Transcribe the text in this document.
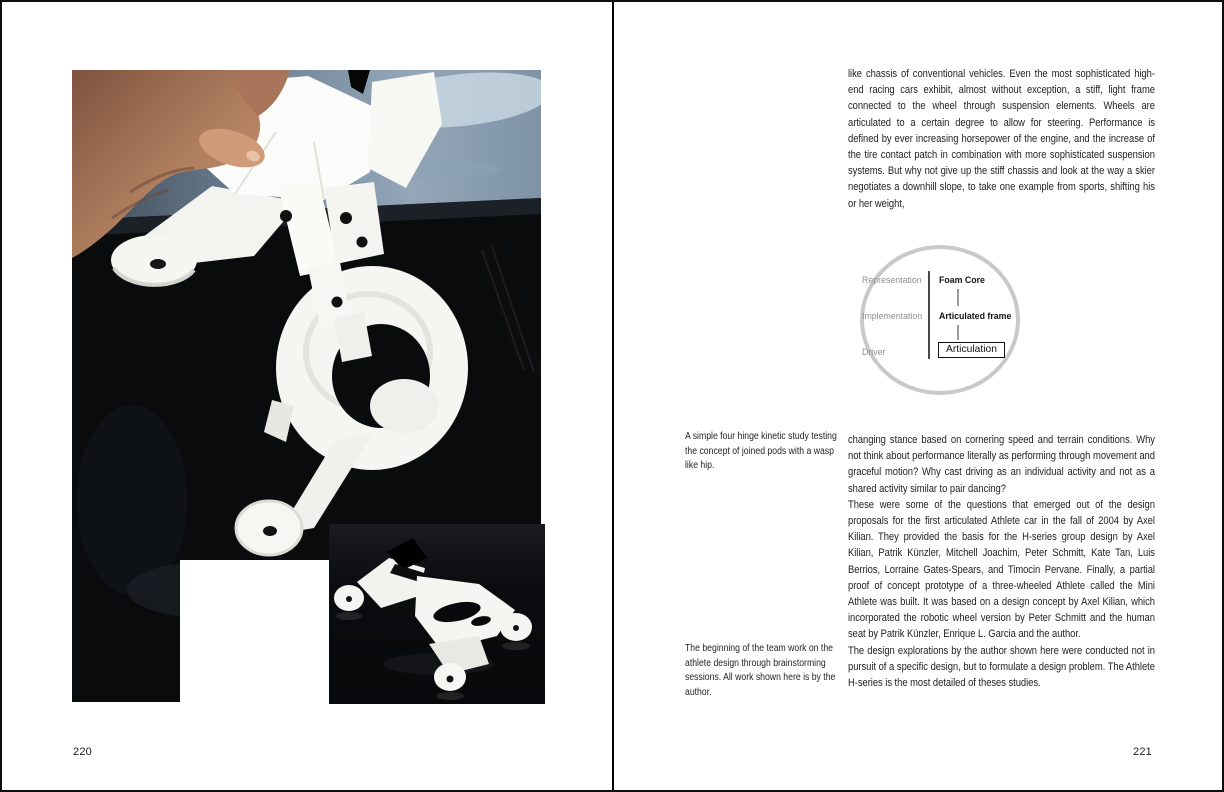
220

like chassis of conventional vehicles. Even the most sophisticated high-end racing cars exhibit, almost without exception, a stiff, light frame connected to the wheel through suspension elements. Wheels are articulated to a certain degree to allow for steering. Performance is defined by ever increasing horsepower of the engine, and the increase of the tire contact patch in combination with more sophisticated suspension systems. But why not give up the stiff chassis and look at the way a skier negotiates a downhill slope, to take one example from sports, shifting his or her weight,

Representation
Implementation
Driver
Foam Core
Articulated frame
Articulation
A simple four hinge kinetic study testing the concept of joined pods with a wasp like hip.
The beginning of the team work on the athlete design through brainstorming sessions. All work shown here is by the author.

changing stance based on cornering speed and terrain conditions. Why not think about performance literally as performing through movement and graceful motion? Why cast driving as an individual activity and not as a shared activity similar to pair dancing?

These were some of the questions that emerged out of the design proposals for the first articulated Athlete car in the fall of 2004 by Axel Kilian. They provided the basis for the H-series group design by Axel Kilian, Patrik Künzler, Mitchell Joachim, Peter Schmitt, Kate Tan, Luis Berrios, Lorraine Gates-Spears, and Timocin Pervane. Finally, a partial proof of concept prototype of a three-wheeled Athlete called the Mini Athlete was built. It was based on a design concept by Axel Kilian, which incorporated the robotic wheel version by Peter Schmitt and the human seat by Patrik Künzler, Enrique L. Garcia and the author.

The design explorations by the author shown here were conducted not in pursuit of a specific design, but to formulate a design problem. The Athlete H-series is the most detailed of theses studies.

221
